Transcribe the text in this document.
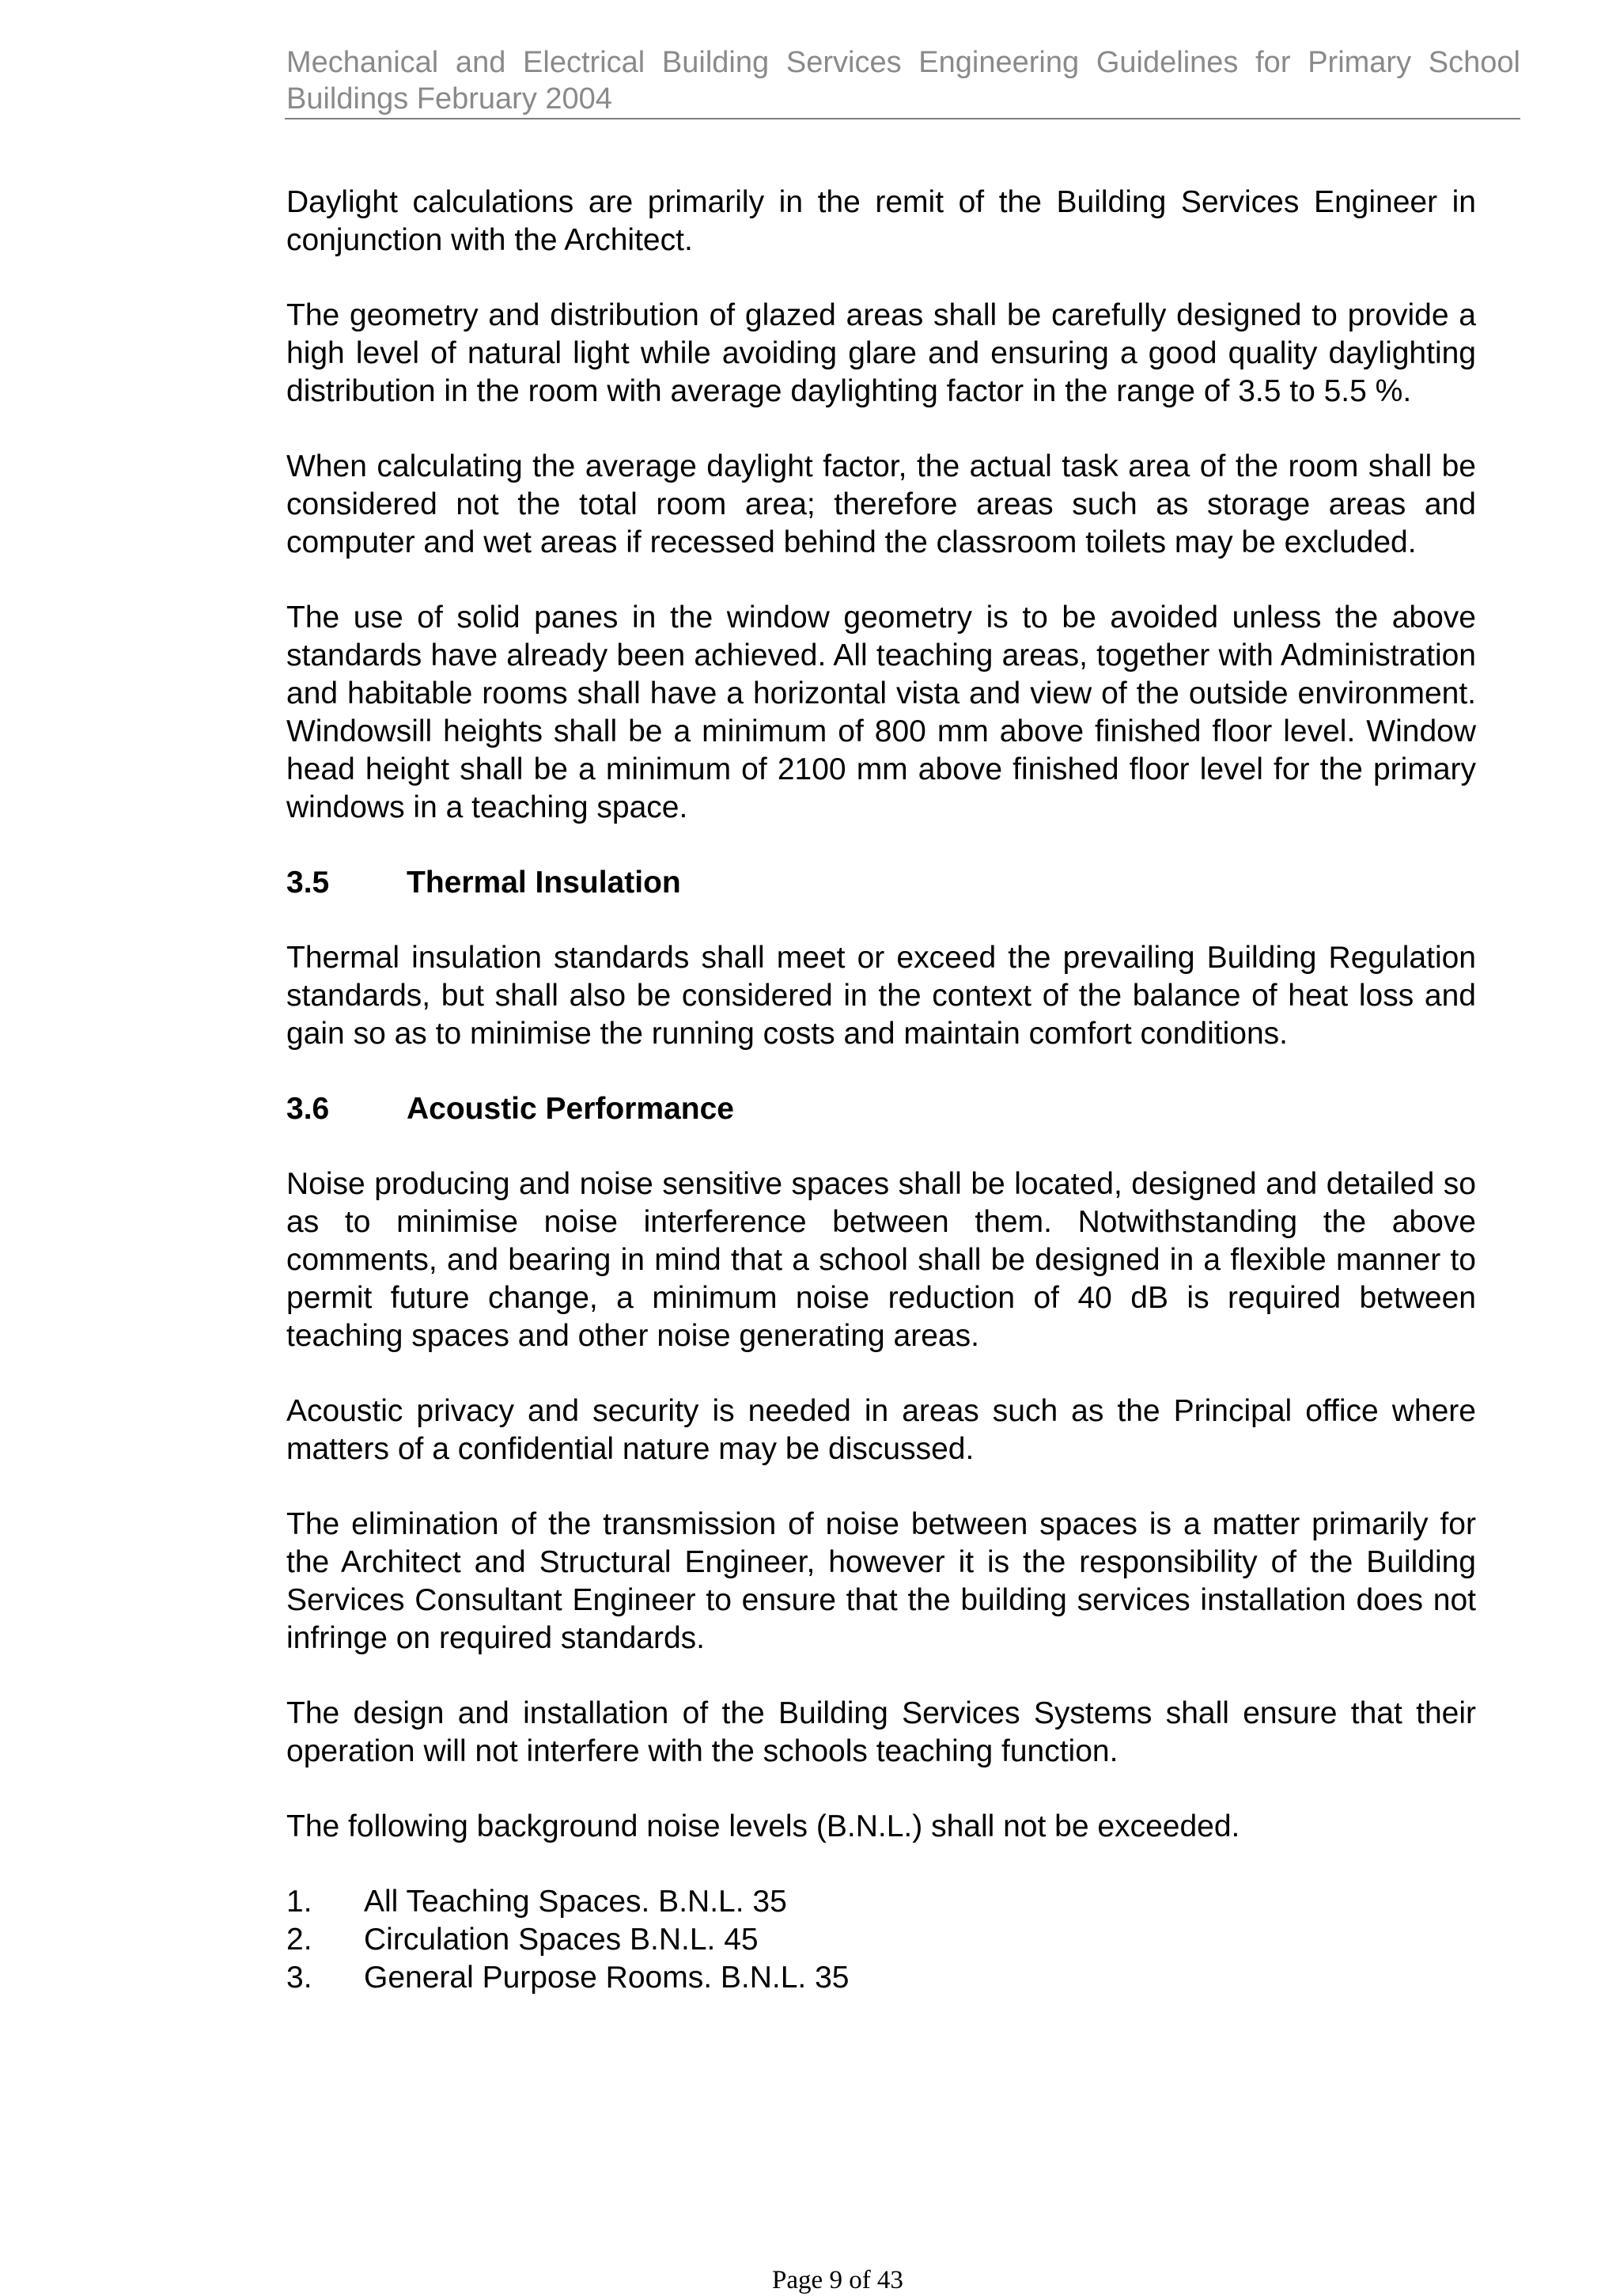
Mechanical and Electrical Building Services Engineering Guidelines for Primary School Buildings February 2004

Daylight calculations are primarily in the remit of the Building Services Engineer in conjunction with the Architect.

The geometry and distribution of glazed areas shall be carefully designed to provide a high level of natural light while avoiding glare and ensuring a good quality daylighting distribution in the room with average daylighting factor in the range of 3.5 to 5.5 %.

When calculating the average daylight factor, the actual task area of the room shall be considered not the total room area; therefore areas such as storage areas and computer and wet areas if recessed behind the classroom toilets may be excluded.

The use of solid panes in the window geometry is to be avoided unless the above standards have already been achieved. All teaching areas, together with Administration and habitable rooms shall have a horizontal vista and view of the outside environment. Windowsill heights shall be a minimum of 800 mm above finished floor level. Window head height shall be a minimum of 2100 mm above finished floor level for the primary windows in a teaching space.

3.5	Thermal Insulation

Thermal insulation standards shall meet or exceed the prevailing Building Regulation standards, but shall also be considered in the context of the balance of heat loss and gain so as to minimise the running costs and maintain comfort conditions.

3.6	Acoustic Performance

Noise producing and noise sensitive spaces shall be located, designed and detailed so as to minimise noise interference between them. Notwithstanding the above comments, and bearing in mind that a school shall be designed in a flexible manner to permit future change, a minimum noise reduction of 40 dB is required between teaching spaces and other noise generating areas.

Acoustic privacy and security is needed in areas such as the Principal office where matters of a confidential nature may be discussed.

The elimination of the transmission of noise between spaces is a matter primarily for the Architect and Structural Engineer, however it is the responsibility of the Building Services Consultant Engineer to ensure that the building services installation does not infringe on required standards.

The design and installation of the Building Services Systems shall ensure that their operation will not interfere with the schools teaching function.

The following background noise levels (B.N.L.) shall not be exceeded.

1.	All Teaching Spaces. B.N.L. 35
2.	Circulation Spaces B.N.L. 45
3.	General Purpose Rooms. B.N.L. 35
Page 9 of 43
